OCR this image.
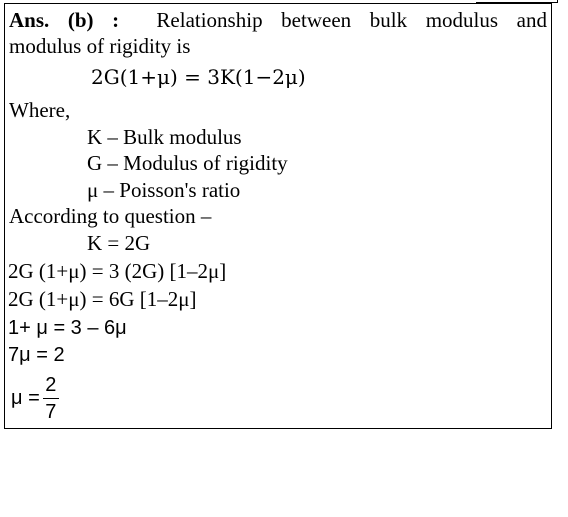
Ans. (b) : Relationship between bulk modulus and
modulus of rigidity is
2G(1+μ) = 3K(1−2μ)
Where,
K – Bulk modulus
G – Modulus of rigidity
μ – Poisson's ratio
According to question –
K = 2G
2G (1+μ) = 3 (2G) [1–2μ]
2G (1+μ) = 6G [1–2μ]
1+ μ = 3 – 6μ
7μ = 2
$\mu = \frac{2}{7}$
